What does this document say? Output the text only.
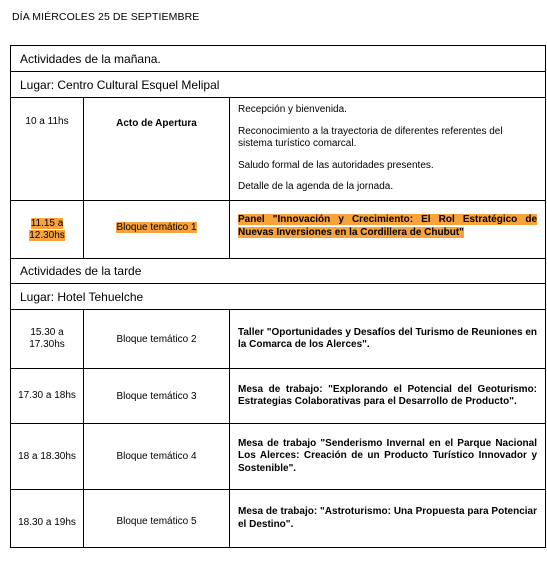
DÍA MIÉRCOLES 25 DE SEPTIEMBRE
Actividades de la mañana.		
Lugar: Centro Cultural Esquel Melipal		
10 a 11hs	Acto de Apertura	Recepción y bienvenida.

Reconocimiento a la trayectoria de diferentes referentes del sistema turístico comarcal.

Saludo formal de las autoridades presentes.

Detalle de la agenda de la jornada.

11.15 a
12.30hs	Bloque temático 1	Panel "Innovación y Crecimiento: El Rol Estratégico de Nuevas Inversiones en la Cordillera de Chubut"
Actividades de la tarde		
Lugar: Hotel Tehuelche		
15.30 a
17.30hs	Bloque temático 2	Taller "Oportunidades y Desafíos del Turismo de Reuniones en la Comarca de los Alerces".
17.30 a 18hs	Bloque temático 3	Mesa de trabajo: "Explorando el Potencial del Geoturismo: Estrategias Colaborativas para el Desarrollo de Producto".
18 a 18.30hs	Bloque temático 4	Mesa de trabajo "Senderismo Invernal en el Parque Nacional Los Alerces: Creación de un Producto Turístico Innovador y Sostenible".
18.30 a 19hs	Bloque temático 5	Mesa de trabajo: "Astroturismo: Una Propuesta para Potenciar el Destino".
